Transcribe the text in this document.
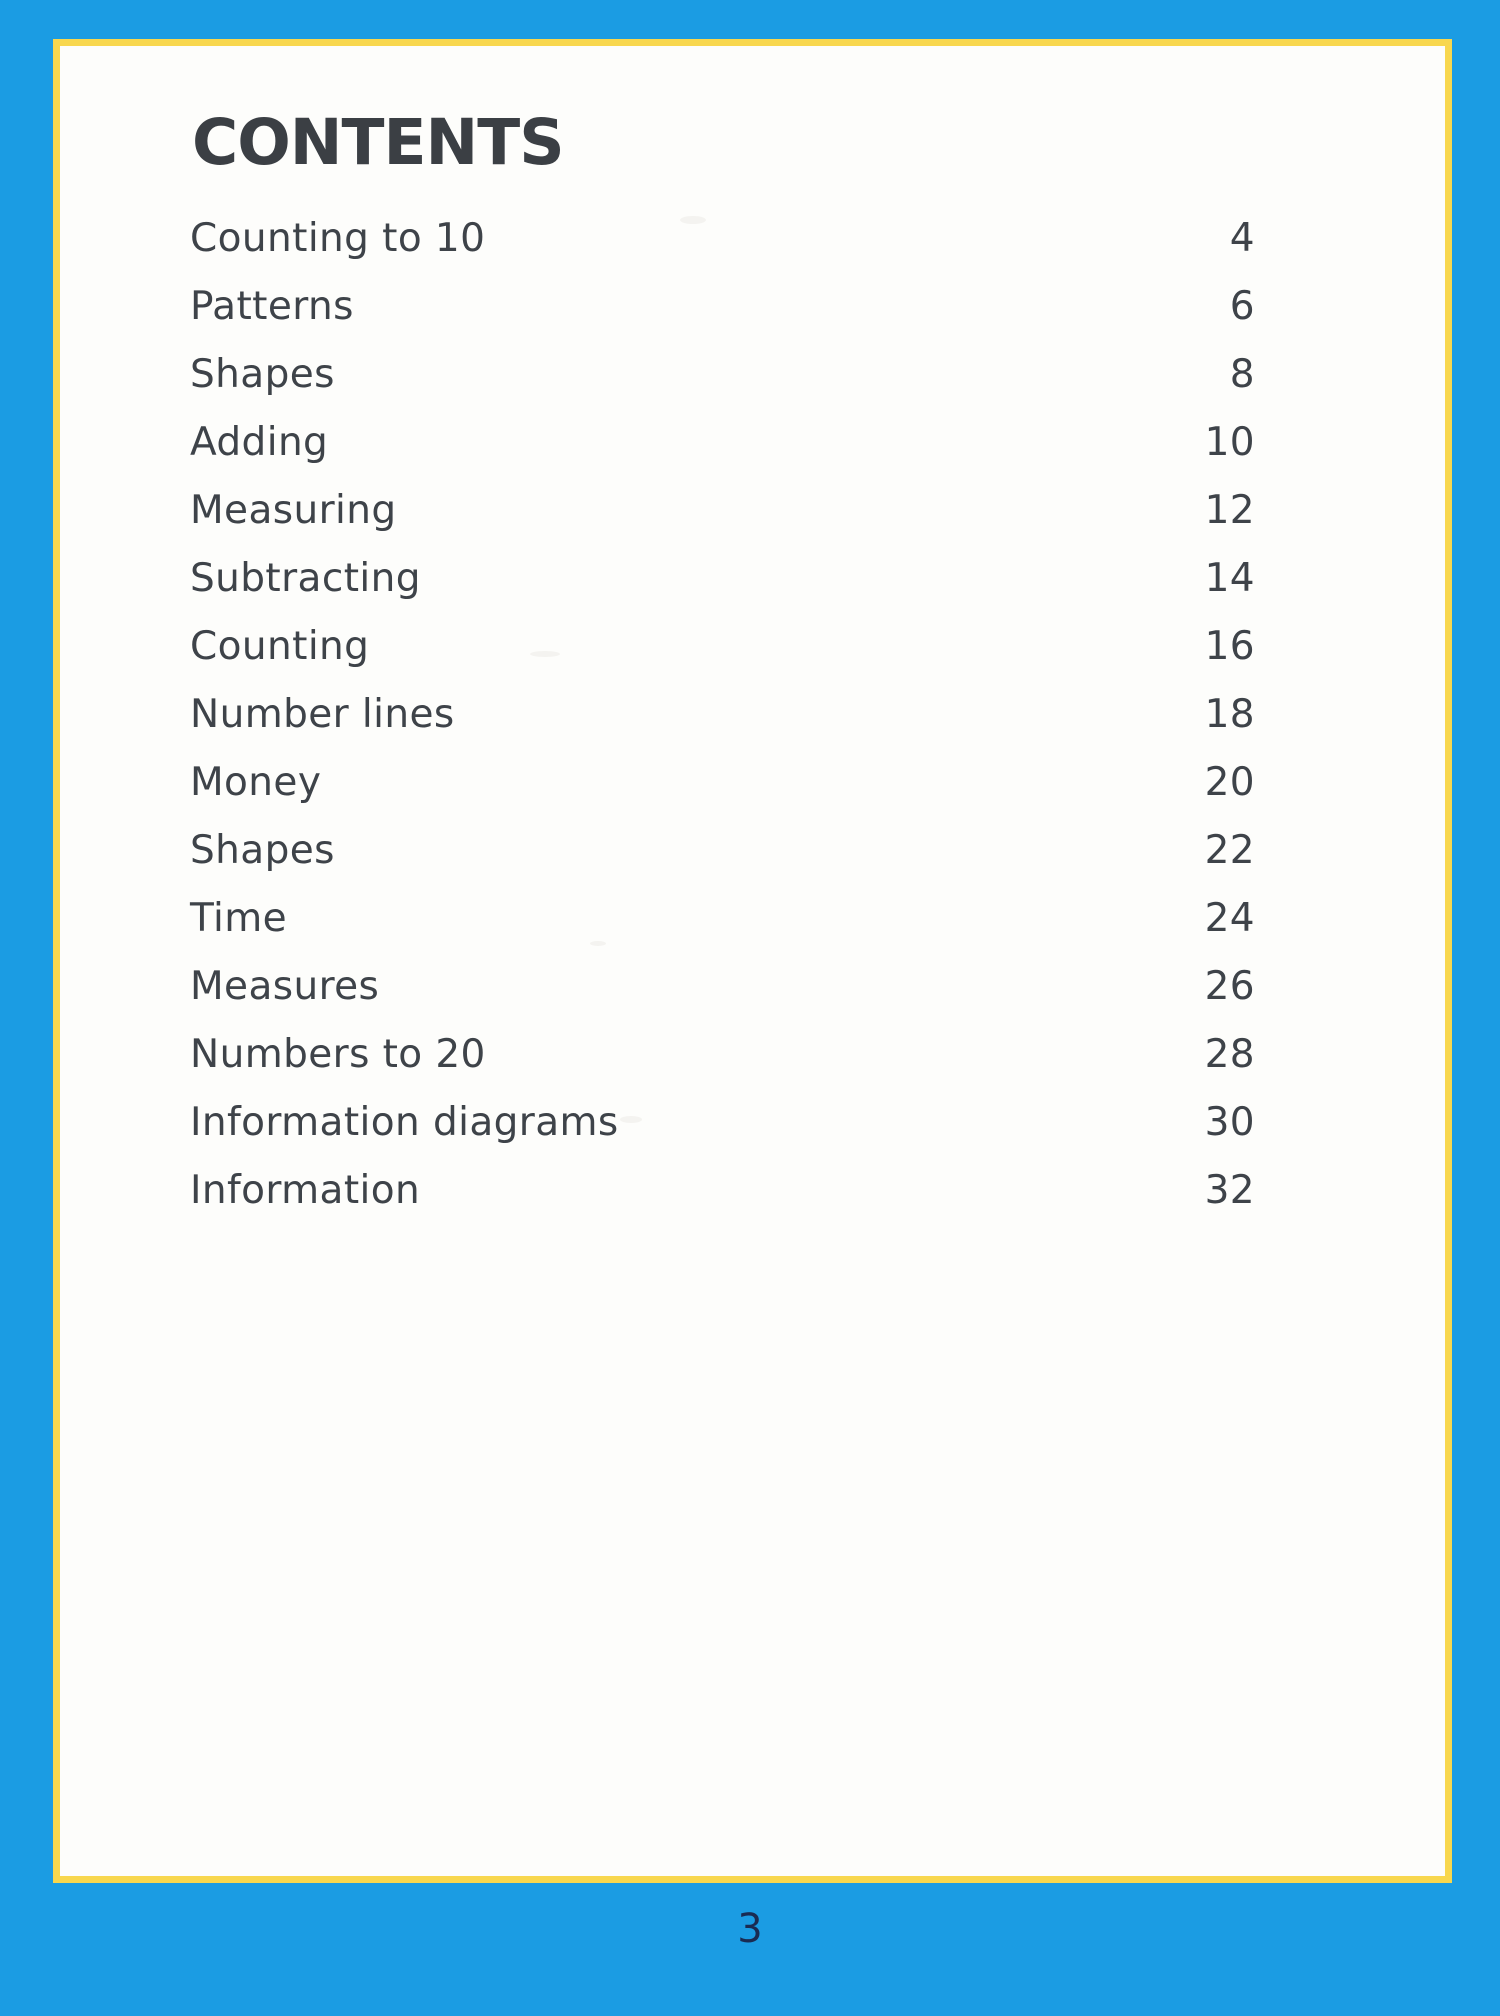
CONTENTS
Counting to 10	4
Patterns	6
Shapes	8
Adding	10
Measuring	12
Subtracting	14
Counting	16
Number lines	18
Money	20
Shapes	22
Time	24
Measures	26
Numbers to 20	28
Information diagrams	30
Information	32
3
